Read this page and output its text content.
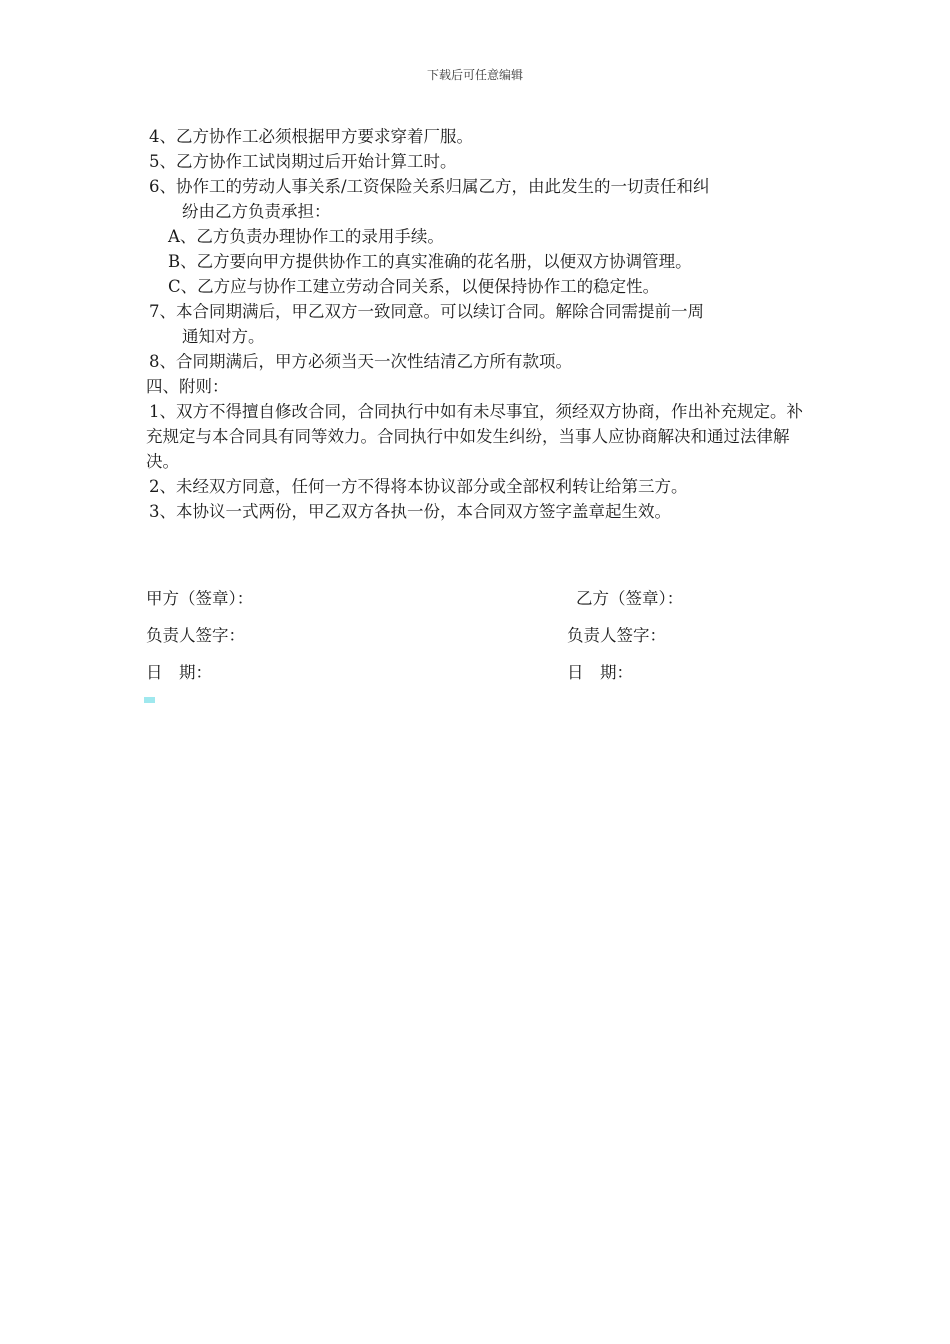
下载后可任意编辑

4、乙方协作工必须根据甲方要求穿着厂服。

5、乙方协作工试岗期过后开始计算工时。

6、协作工的劳动人事关系/工资保险关系归属乙方，由此发生的一切责任和纠
纷由乙方负责承担：

A、乙方负责办理协作工的录用手续。

B、乙方要向甲方提供协作工的真实准确的花名册，以便双方协调管理。

C、乙方应与协作工建立劳动合同关系，以便保持协作工的稳定性。

7、本合同期满后，甲乙双方一致同意。可以续订合同。解除合同需提前一周
通知对方。

8、合同期满后，甲方必须当天一次性结清乙方所有款项。

四、附则：

1、双方不得擅自修改合同，合同执行中如有未尽事宜，须经双方协商，作出补充规定。补充规定与本合同具有同等效力。合同执行中如发生纠纷，当事人应协商解决和通过法律解决。

2、未经双方同意，任何一方不得将本协议部分或全部权利转让给第三方。

3、本协议一式两份，甲乙双方各执一份，本合同双方签字盖章起生效。

甲方（签章）：	乙方（签章）：
负责人签字：	负责人签字：
日　期：	日　期：
